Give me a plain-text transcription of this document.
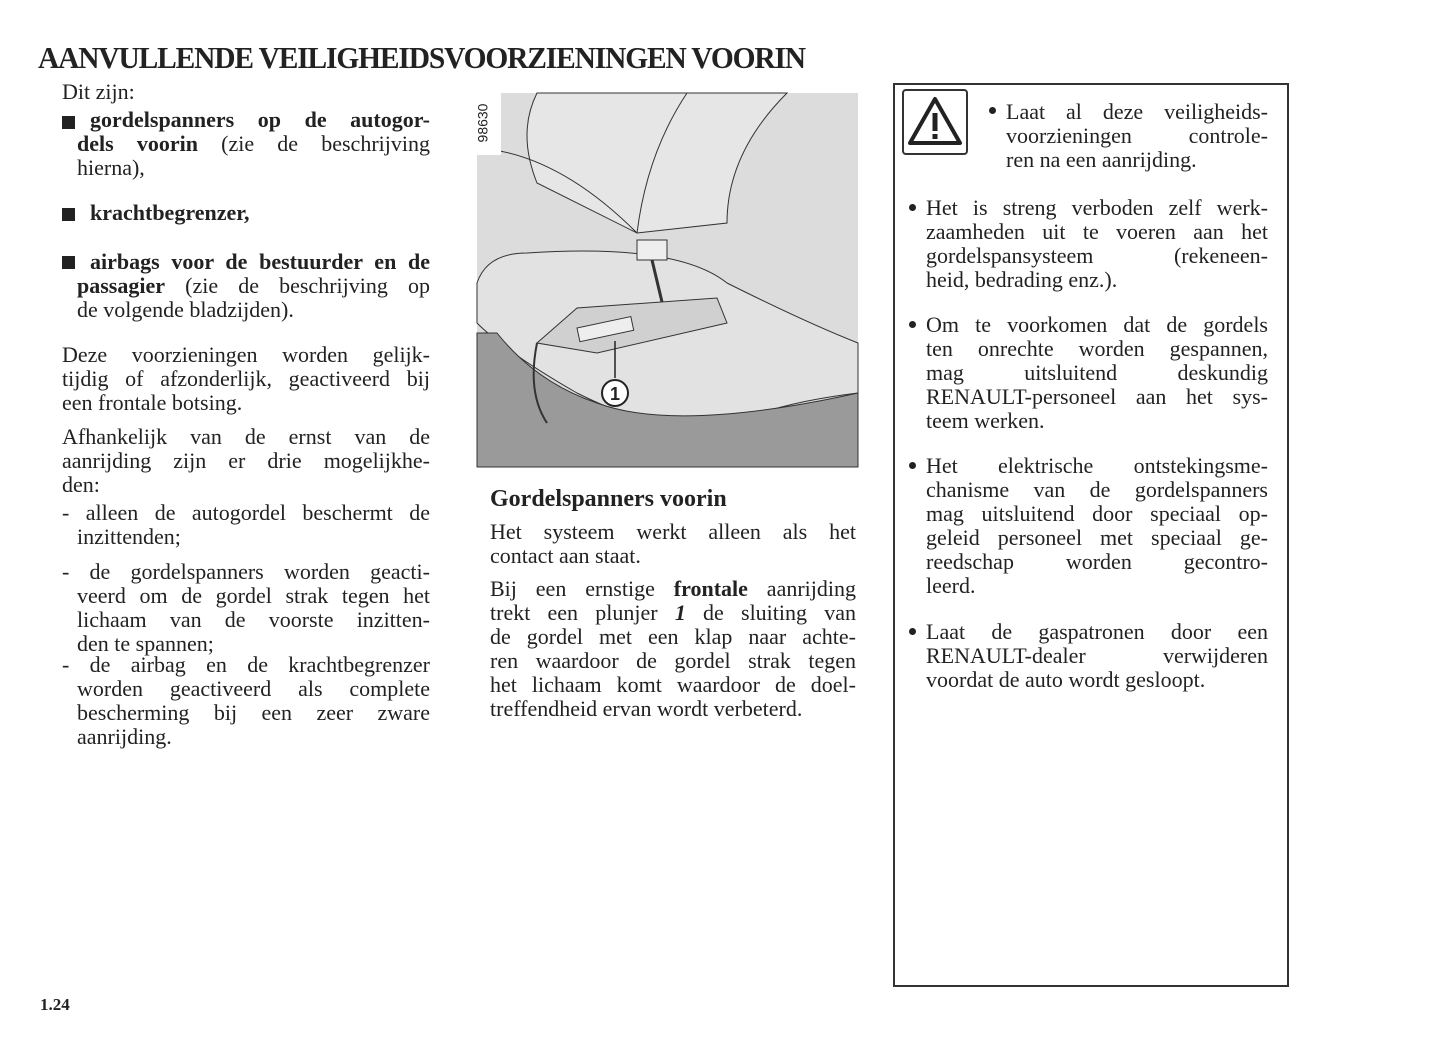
AANVULLENDE VEILIGHEIDSVOORZIENINGEN VOORIN
Dit zijn:
gordelspanners op de autogor-
dels voorin (zie de beschrijving
hierna),
krachtbegrenzer,
airbags voor de bestuurder en de
passagier (zie de beschrijving op
de volgende bladzijden).
Deze voorzieningen worden gelijk-
tijdig of afzonderlijk, geactiveerd bij
een frontale botsing.
Afhankelijk van de ernst van de
aanrijding zijn er drie mogelijkhe-
den:
- alleen de autogordel beschermt de
inzittenden;
- de gordelspanners worden geacti-
veerd om de gordel strak tegen het
lichaam van de voorste inzitten-
den te spannen;
- de airbag en de krachtbegrenzer
worden geactiveerd als complete
bescherming bij een zeer zware
aanrijding.
1
98630
Gordelspanners voorin
Het systeem werkt alleen als het
contact aan staat.
Bij een ernstige frontale aanrijding
trekt een plunjer 1 de sluiting van
de gordel met een klap naar achte-
ren waardoor de gordel strak tegen
het lichaam komt waardoor de doel-
treffendheid ervan wordt verbeterd.
Laat al deze veiligheids-
voorzieningen controle-
ren na een aanrijding.
Het is streng verboden zelf werk-
zaamheden uit te voeren aan het
gordelspansysteem (rekeneen-
heid, bedrading enz.).
Om te voorkomen dat de gordels
ten onrechte worden gespannen,
mag uitsluitend deskundig
RENAULT-personeel aan het sys-
teem werken.
Het elektrische ontstekingsme-
chanisme van de gordelspanners
mag uitsluitend door speciaal op-
geleid personeel met speciaal ge-
reedschap worden gecontro-
leerd.
Laat de gaspatronen door een
RENAULT-dealer verwijderen
voordat de auto wordt gesloopt.
1.24
